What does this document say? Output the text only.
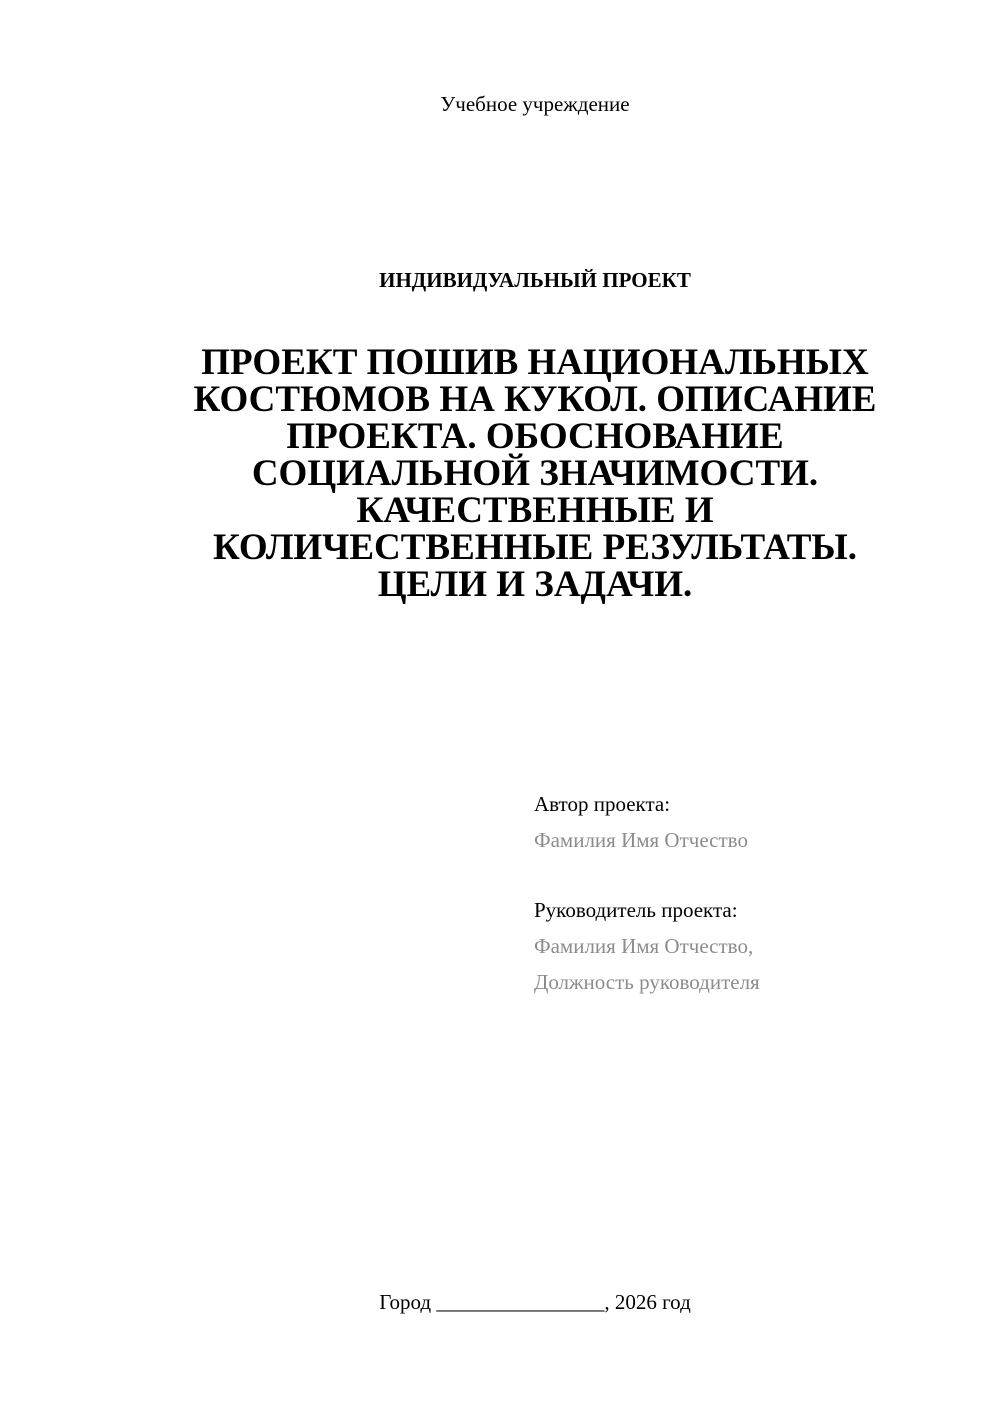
Учебное учреждение
ИНДИВИДУАЛЬНЫЙ ПРОЕКТ
ПРОЕКТ ПОШИВ НАЦИОНАЛЬНЫХ
КОСТЮМОВ НА КУКОЛ. ОПИСАНИЕ
ПРОЕКТА. ОБОСНОВАНИЕ
СОЦИАЛЬНОЙ ЗНАЧИМОСТИ.
КАЧЕСТВЕННЫЕ И
КОЛИЧЕСТВЕННЫЕ РЕЗУЛЬТАТЫ.
ЦЕЛИ И ЗАДАЧИ.
Автор проекта:
Фамилия Имя Отчество
Руководитель проекта:
Фамилия Имя Отчество,
Должность руководителя
Город ________________, 2026 год
